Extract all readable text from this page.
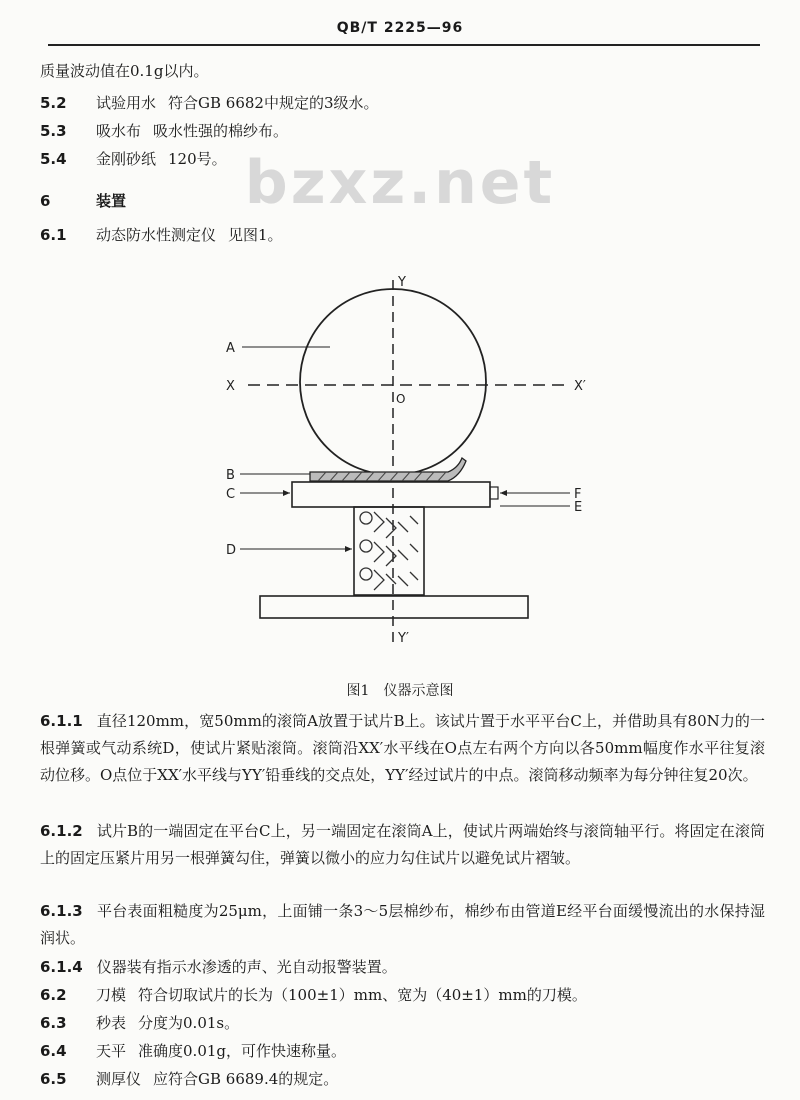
QB/T 2225—96
bzxz.net
质量波动值在0.1g以内。
5.2 试验用水 符合GB 6682中规定的3级水。
5.3 吸水布 吸水性强的棉纱布。
5.4 金刚砂纸 120号。
6	装置
6.1 动态防水性测定仪 见图1。
A
X	X′
Y
O
B
C
D
F
E
Y′
图1 仪器示意图
6.1.1 直径120mm，宽50mm的滚筒A放置于试片B上。该试片置于水平平台C上，并借助具有80N力的一根弹簧或气动系统D，使试片紧贴滚筒。滚筒沿XX′水平线在O点左右两个方向以各50mm幅度作水平往复滚动位移。O点位于XX′水平线与YY′铅垂线的交点处，YY′经过试片的中点。滚筒移动频率为每分钟往复20次。
6.1.2 试片B的一端固定在平台C上，另一端固定在滚筒A上，使试片两端始终与滚筒轴平行。将固定在滚筒上的固定压紧片用另一根弹簧勾住，弹簧以微小的应力勾住试片以避免试片褶皱。
6.1.3 平台表面粗糙度为25μm，上面铺一条3～5层棉纱布，棉纱布由管道E经平台面缓慢流出的水保持湿润状。
6.1.4 仪器装有指示水渗透的声、光自动报警装置。
6.2 刀模 符合切取试片的长为（100±1）mm、宽为（40±1）mm的刀模。
6.3 秒表 分度为0.01s。
6.4 天平 准确度0.01g，可作快速称量。
6.5 测厚仪 应符合GB 6689.4的规定。
